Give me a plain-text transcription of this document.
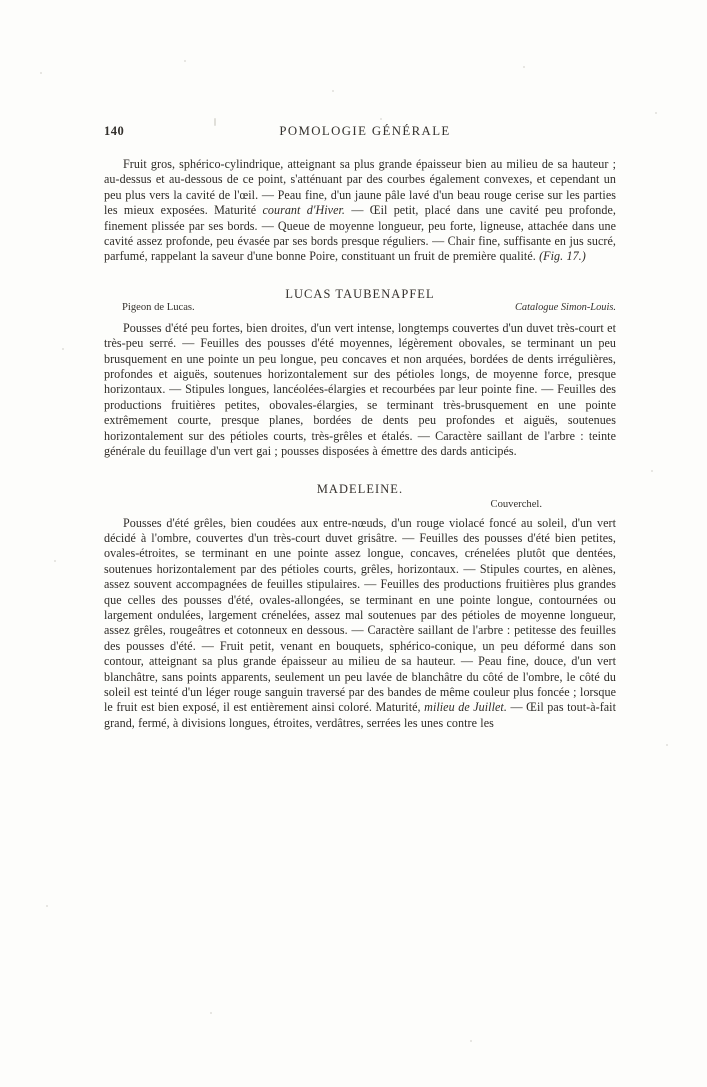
140	POMOLOGIE GÉNÉRALE

Fruit gros, sphérico-cylindrique, atteignant sa plus grande épaisseur bien au milieu de sa hauteur ; au-dessus et au-dessous de ce point, s'atténuant par des courbes également convexes, et cependant un peu plus vers la cavité de l'œil. — Peau fine, d'un jaune pâle lavé d'un beau rouge cerise sur les parties les mieux exposées. Maturité courant d'Hiver. — Œil petit, placé dans une cavité peu profonde, finement plissée par ses bords. — Queue de moyenne longueur, peu forte, ligneuse, attachée dans une cavité assez profonde, peu évasée par ses bords presque réguliers. — Chair fine, suffisante en jus sucré, parfumé, rappelant la saveur d'une bonne Poire, constituant un fruit de première qualité. (Fig. 17.)

LUCAS TAUBENAPFEL
Pigeon de Lucas.	Catalogue Simon-Louis.

Pousses d'été peu fortes, bien droites, d'un vert intense, longtemps couvertes d'un duvet très-court et très-peu serré. — Feuilles des pousses d'été moyennes, légèrement obovales, se terminant un peu brusquement en une pointe un peu longue, peu concaves et non arquées, bordées de dents irrégulières, profondes et aiguës, soutenues horizontalement sur des pétioles longs, de moyenne force, presque horizontaux. — Stipules longues, lancéolées-élargies et recourbées par leur pointe fine. — Feuilles des productions fruitières petites, obovales-élargies, se terminant très-brusquement en une pointe extrêmement courte, presque planes, bordées de dents peu profondes et aiguës, soutenues horizontalement sur des pétioles courts, très-grêles et étalés. — Caractère saillant de l'arbre : teinte générale du feuillage d'un vert gai ; pousses disposées à émettre des dards anticipés.

MADELEINE.
Couverchel.

Pousses d'été grêles, bien coudées aux entre-nœuds, d'un rouge violacé foncé au soleil, d'un vert décidé à l'ombre, couvertes d'un très-court duvet grisâtre. — Feuilles des pousses d'été bien petites, ovales-étroites, se terminant en une pointe assez longue, concaves, crénelées plutôt que dentées, soutenues horizontalement par des pétioles courts, grêles, horizontaux. — Stipules courtes, en alènes, assez souvent accompagnées de feuilles stipulaires. — Feuilles des productions fruitières plus grandes que celles des pousses d'été, ovales-allongées, se terminant en une pointe longue, contournées ou largement ondulées, largement crénelées, assez mal soutenues par des pétioles de moyenne longueur, assez grêles, rougeâtres et cotonneux en dessous. — Caractère saillant de l'arbre : petitesse des feuilles des pousses d'été. — Fruit petit, venant en bouquets, sphérico-conique, un peu déformé dans son contour, atteignant sa plus grande épaisseur au milieu de sa hauteur. — Peau fine, douce, d'un vert blanchâtre, sans points apparents, seulement un peu lavée de blanchâtre du côté de l'ombre, le côté du soleil est teinté d'un léger rouge sanguin traversé par des bandes de même couleur plus foncée ; lorsque le fruit est bien exposé, il est entièrement ainsi coloré. Maturité, milieu de Juillet. — Œil pas tout-à-fait grand, fermé, à divisions longues, étroites, verdâtres, serrées les unes contre les
